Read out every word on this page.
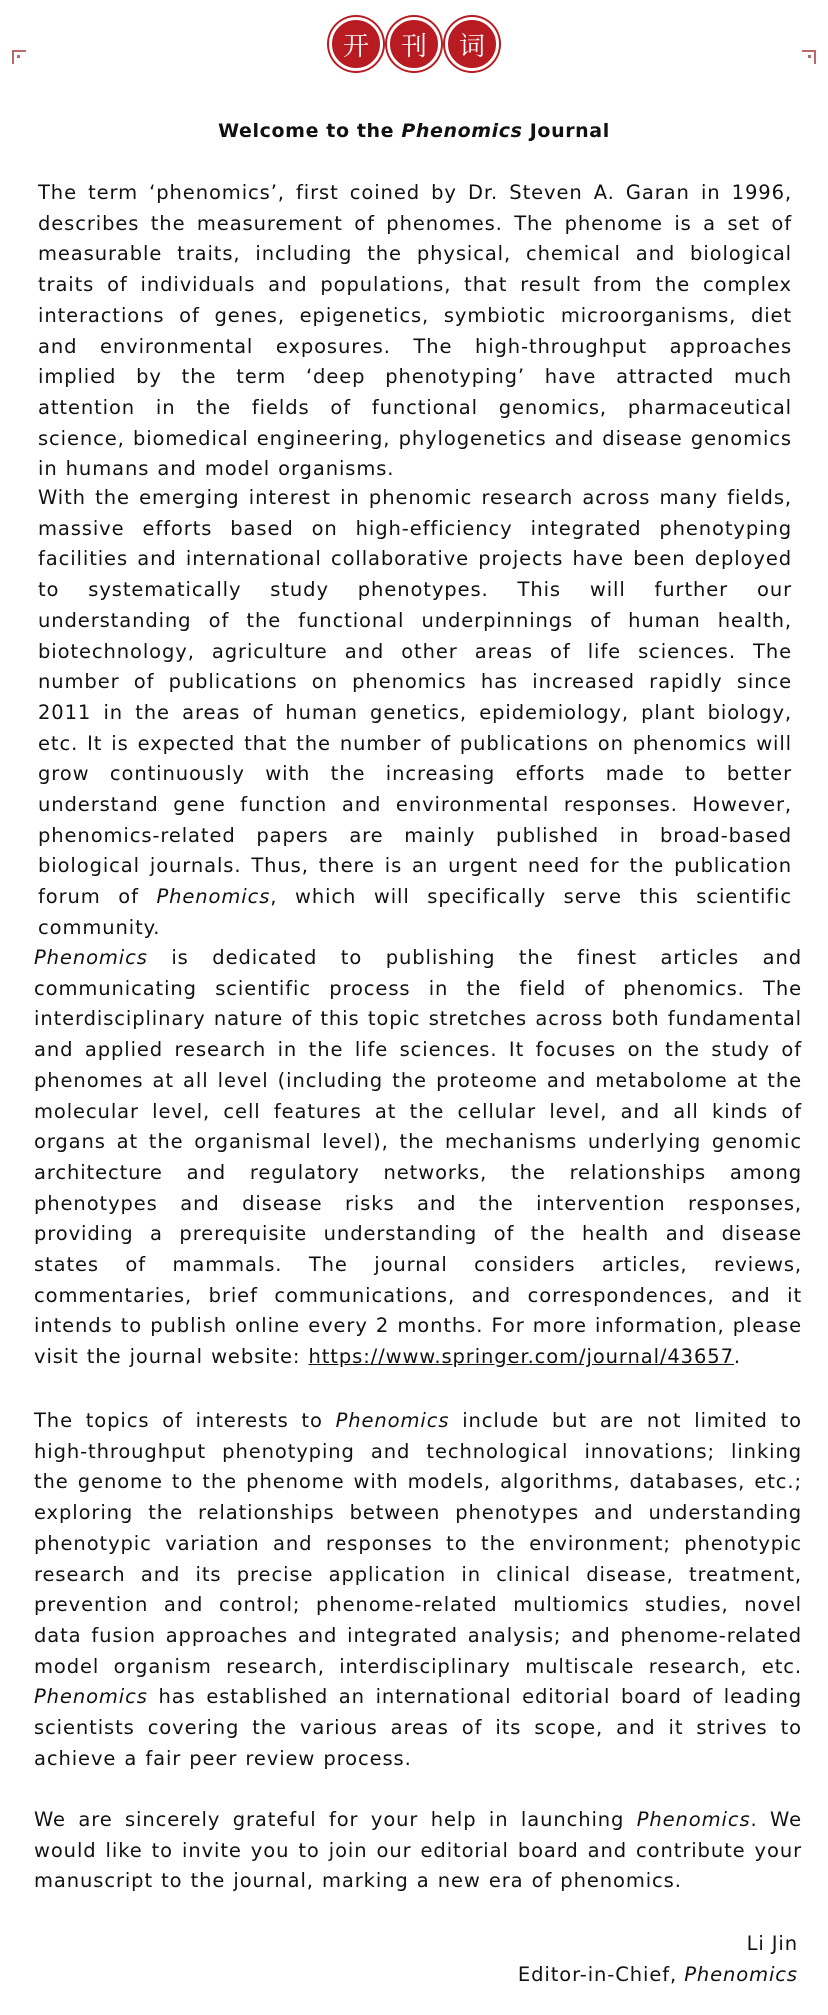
开	刊	词
Welcome to the Phenomics Journal

The term ‘phenomics’, first coined by Dr. Steven A. Garan in 1996, describes the measurement of phenomes. The phenome is a set of measurable traits, including the physical, chemical and biological traits of individuals and populations, that result from the complex interactions of genes, epigenetics, symbiotic microorganisms, diet and environmental exposures. The high-throughput approaches implied by the term ‘deep phenotyping’ have attracted much attention in the fields of functional genomics, pharmaceutical science, biomedical engineering, phylogenetics and disease genomics in humans and model organisms.

With the emerging interest in phenomic research across many fields, massive efforts based on high-efficiency integrated phenotyping facilities and international collaborative projects have been deployed to systematically study phenotypes. This will further our understanding of the functional underpinnings of human health, biotechnology, agriculture and other areas of life sciences. The number of publications on phenomics has increased rapidly since 2011 in the areas of human genetics, epidemiology, plant biology, etc. It is expected that the number of publications on phenomics will grow continuously with the increasing efforts made to better understand gene function and environmental responses. However, phenomics-related papers are mainly published in broad-based biological journals. Thus, there is an urgent need for the publication forum of Phenomics, which will specifically serve this scientific community.

Phenomics is dedicated to publishing the finest articles and communicating scientific process in the field of phenomics. The interdisciplinary nature of this topic stretches across both fundamental and applied research in the life sciences. It focuses on the study of phenomes at all level (including the proteome and metabolome at the molecular level, cell features at the cellular level, and all kinds of organs at the organismal level), the mechanisms underlying genomic architecture and regulatory networks, the relationships among phenotypes and disease risks and the intervention responses, providing a prerequisite understanding of the health and disease states of mammals. The journal considers articles, reviews, commentaries, brief communications, and correspondences, and it intends to publish online every 2 months. For more information, please visit the journal website: https://www.springer.com/journal/43657.

The topics of interests to Phenomics include but are not limited to high-throughput phenotyping and technological innovations; linking the genome to the phenome with models, algorithms, databases, etc.; exploring the relationships between phenotypes and understanding phenotypic variation and responses to the environment; phenotypic research and its precise application in clinical disease, treatment, prevention and control; phenome-related multiomics studies, novel data fusion approaches and integrated analysis; and phenome-related model organism research, interdisciplinary multiscale research, etc. Phenomics has established an international editorial board of leading scientists covering the various areas of its scope, and it strives to achieve a fair peer review process.

We are sincerely grateful for your help in launching Phenomics. We would like to invite you to join our editorial board and contribute your manuscript to the journal, marking a new era of phenomics.

Li Jin
Editor-in-Chief, Phenomics
